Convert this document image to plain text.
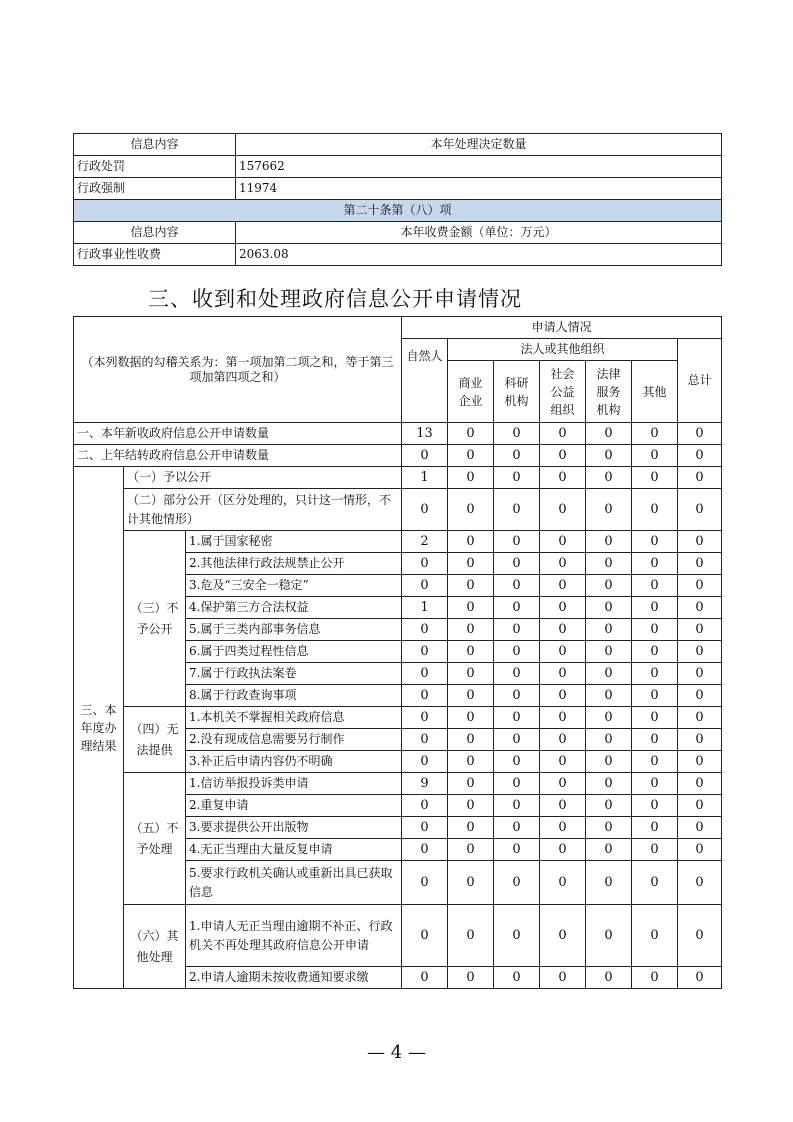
信息内容	本年处理决定数量
行政处罚	157662
行政强制	11974
第二十条第（八）项	
信息内容	本年收费金额（单位：万元）
行政事业性收费	2063.08
三、收到和处理政府信息公开申请情况
（本列数据的勾稽关系为：第一项加第二项之和，等于第三项加第四项之和）			申请人情况						
			自然人	法人或其他组织					总计
				商业企业	科研机构	社会公益组织	法律服务机构	其他	
一、本年新收政府信息公开申请数量			13	0	0	0	0	0	0
二、上年结转政府信息公开申请数量			0	0	0	0	0	0	0
三、本年度办理结果	（一）予以公开		1	0	0	0	0	0	0
	（二）部分公开（区分处理的，只计这一情形，不计其他情形）		0	0	0	0	0	0	0
	（三）不予公开	1.属于国家秘密	2	0	0	0	0	0	0
		2.其他法律行政法规禁止公开	0	0	0	0	0	0	0
		3.危及“三安全一稳定”	0	0	0	0	0	0	0
		4.保护第三方合法权益	1	0	0	0	0	0	0
		5.属于三类内部事务信息	0	0	0	0	0	0	0
		6.属于四类过程性信息	0	0	0	0	0	0	0
		7.属于行政执法案卷	0	0	0	0	0	0	0
		8.属于行政查询事项	0	0	0	0	0	0	0
	（四）无法提供	1.本机关不掌握相关政府信息	0	0	0	0	0	0	0
		2.没有现成信息需要另行制作	0	0	0	0	0	0	0
		3.补正后申请内容仍不明确	0	0	0	0	0	0	0
	（五）不予处理	1.信访举报投诉类申请	9	0	0	0	0	0	0
		2.重复申请	0	0	0	0	0	0	0
		3.要求提供公开出版物	0	0	0	0	0	0	0
		4.无正当理由大量反复申请	0	0	0	0	0	0	0
		5.要求行政机关确认或重新出具已获取信息	0	0	0	0	0	0	0
	（六）其他处理	1.申请人无正当理由逾期不补正、行政机关不再处理其政府信息公开申请	0	0	0	0	0	0	0
		2.申请人逾期未按收费通知要求缴	0	0	0	0	0	0	0
— 4 —
